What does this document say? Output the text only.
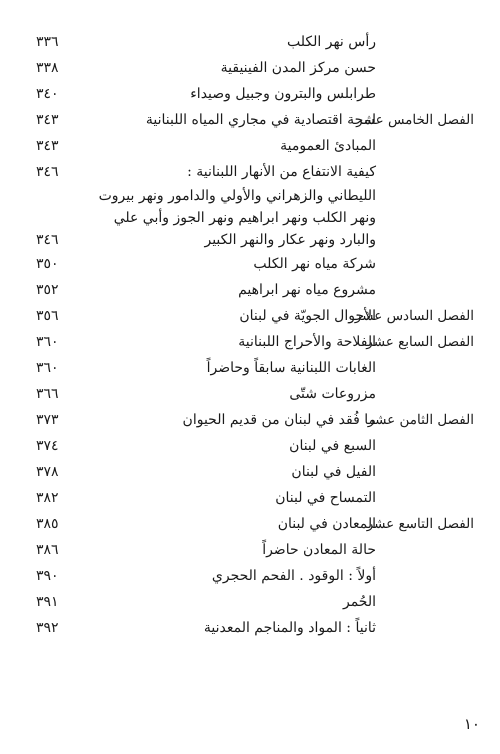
رأس نهر الكلب
٣٣٦
حسن مركز المدن الفينيقية
٣٣٨
طرابلس والبترون وجبيل وصيداء
٣٤٠
الفصل الخامس عشر
لمحة اقتصادية في مجاري المياه اللبنانية
٣٤٣
المبادئ العمومية
٣٤٣
كيفية الانتفاع من الأنهار اللبنانية :
٣٤٦
الليطاني والزهراني والأولي والدامور ونهر بيروت
ونهر الكلب ونهر ابراهيم ونهر الجوز وأبي علي
والبارد ونهر عكار والنهر الكبير
٣٤٦
شركة مياه نهر الكلب
٣٥٠
مشروع مياه نهر ابراهيم
٣٥٢
الفصل السادس عشر
الأحوال الجويّة في لبنان
٣٥٦
الفصل السابع عشر
الفلاحة والأحراج اللبنانية
٣٦٠
الغابات اللبنانية سابقاً وحاضراً
٣٦٠
مزروعات شتّى
٣٦٦
الفصل الثامن عشر
ما فُقد في لبنان من قديم الحيوان
٣٧٣
السبع في لبنان
٣٧٤
الفيل في لبنان
٣٧٨
التمساح في لبنان
٣٨٢
الفصل التاسع عشر
المعادن في لبنان
٣٨٥
حالة المعادن حاضراً
٣٨٦
أولاً : الوقود . الفحم الحجري
٣٩٠
الحُمر
٣٩١
ثانياً : المواد والمناجم المعدنية
٣٩٢
١٠
